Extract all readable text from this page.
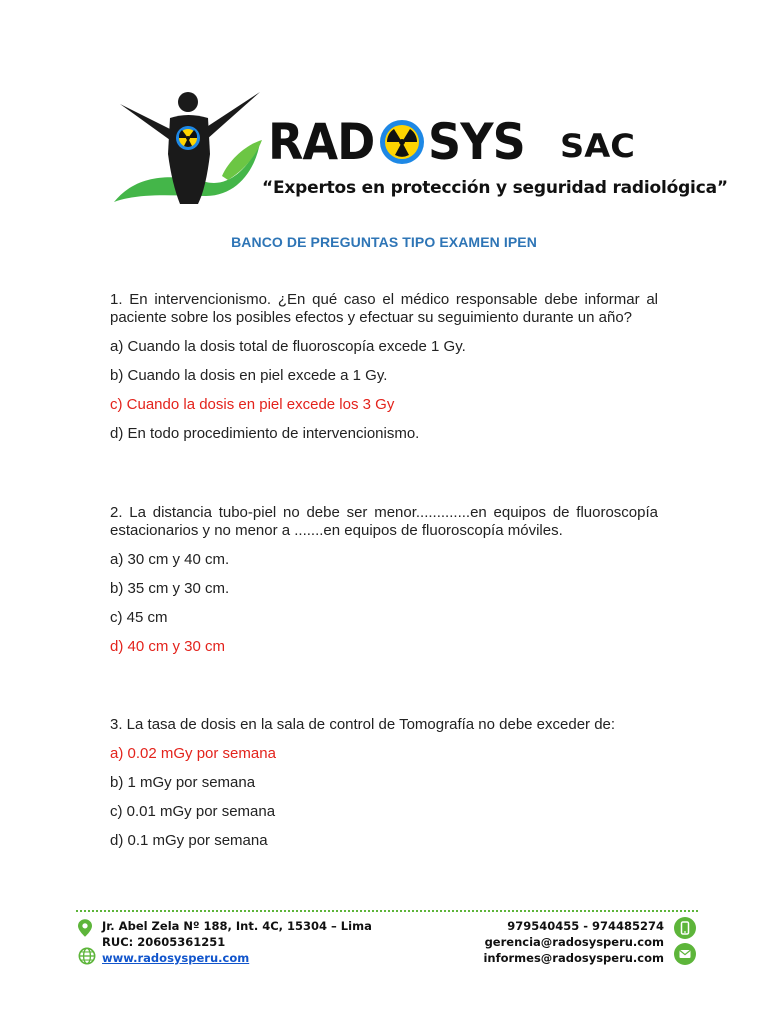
RAD SYS SAC
“Expertos en protección y seguridad radiológica”
BANCO DE PREGUNTAS TIPO EXAMEN IPEN

1. En intervencionismo. ¿En qué caso el médico responsable debe informar al paciente sobre los posibles efectos y efectuar su seguimiento durante un año?

a) Cuando la dosis total de fluoroscopía excede 1 Gy.
b) Cuando la dosis en piel excede a 1 Gy.
c) Cuando la dosis en piel excede los 3 Gy
d) En todo procedimiento de intervencionismo.

2. La distancia tubo-piel no debe ser menor.............en equipos de fluoroscopía estacionarios y no menor a .......en equipos de fluoroscopía móviles.

a) 30 cm y 40 cm.
b) 35 cm y 30 cm.
c) 45 cm
d) 40 cm y 30 cm

3. La tasa de dosis en la sala de control de Tomografía no debe exceder de:

a) 0.02 mGy por semana
b) 1 mGy por semana
c) 0.01 mGy por semana
d) 0.1 mGy por semana
Jr. Abel Zela Nº 188, Int. 4C, 15304 – Lima
RUC: 20605361251
www.radosysperu.com
979540455 - 974485274
gerencia@radosysperu.com
informes@radosysperu.com
